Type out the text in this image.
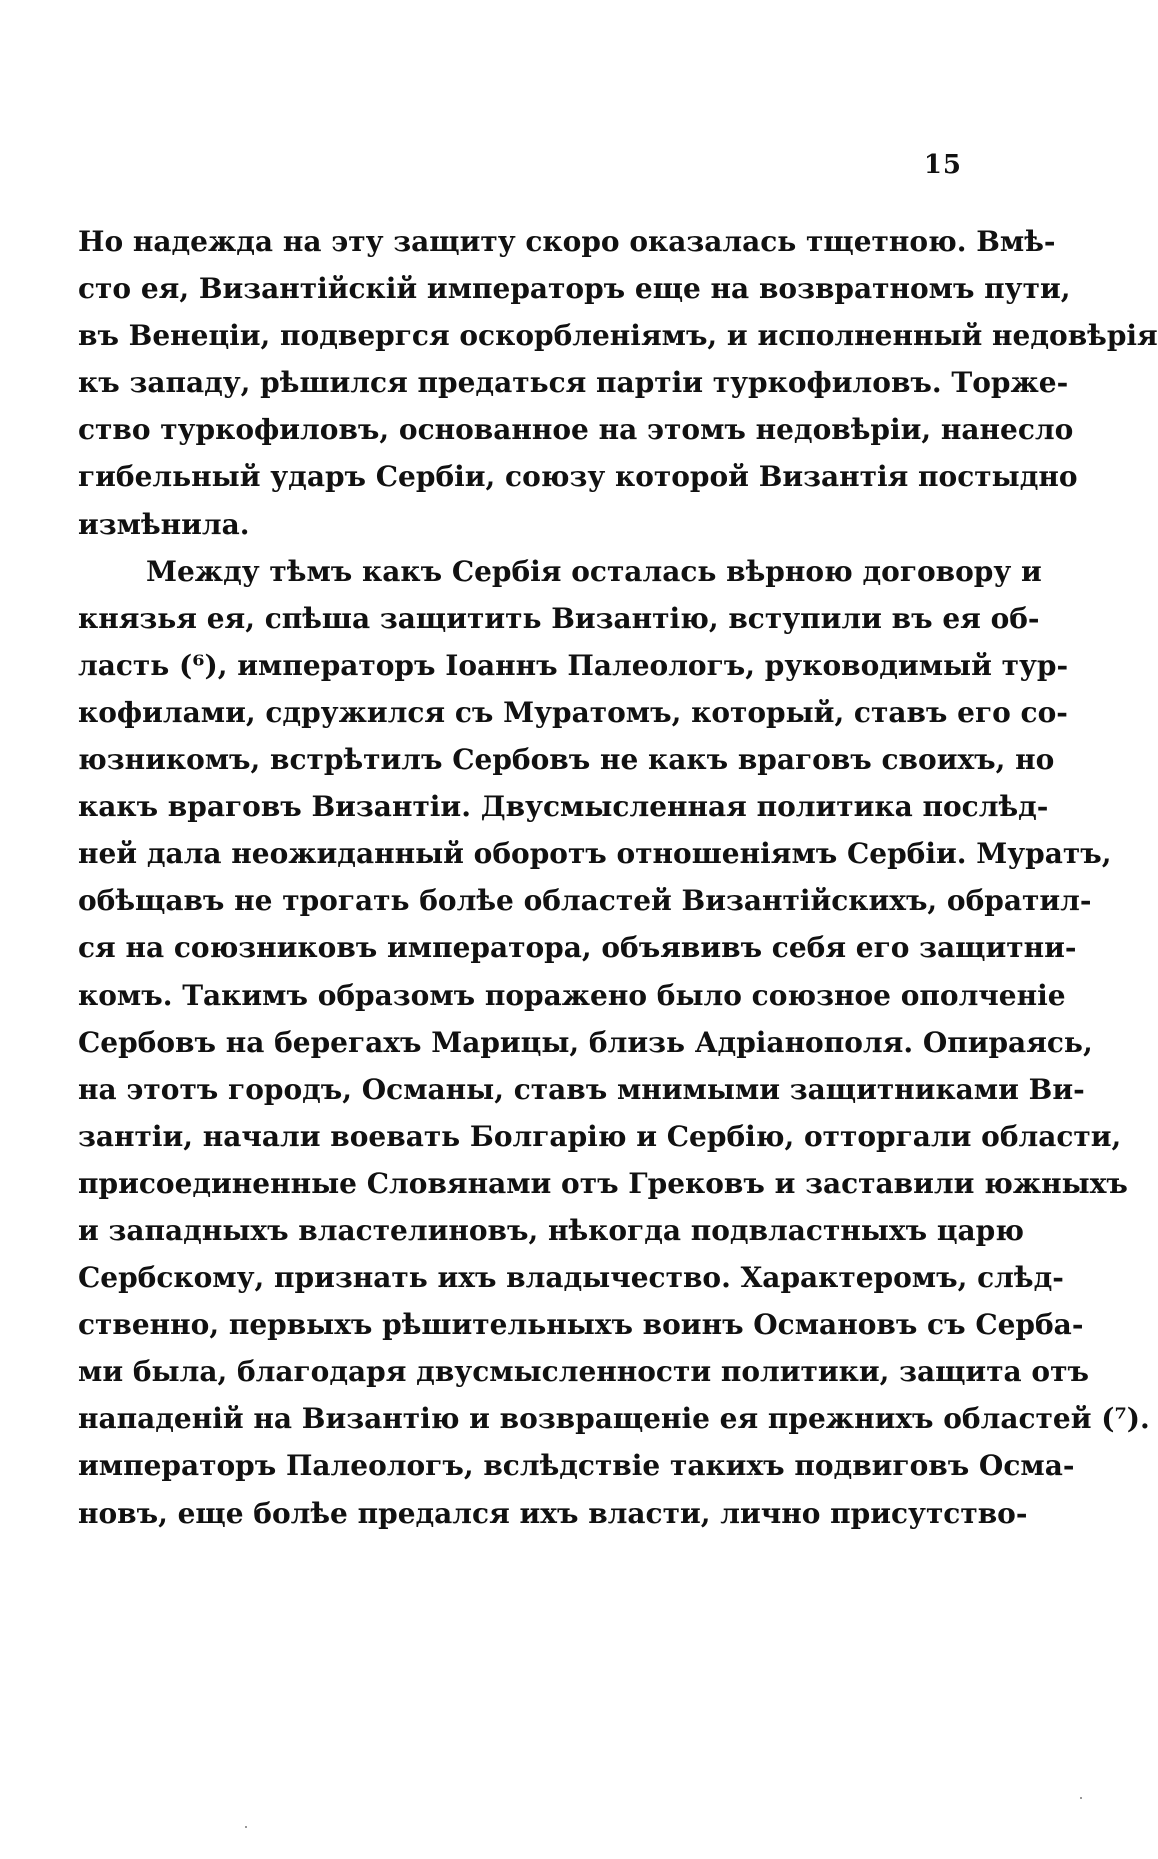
15
Но надежда на эту защиту скоро оказалась тщетною. Вмѣ-
сто ея, Византійскій императоръ еще на возвратномъ пути,
въ Венеціи, подвергся оскорбленіямъ, и исполненный недовѣрія
къ западу, рѣшился предаться партіи туркофиловъ. Торже-
ство туркофиловъ, основанное на этомъ недовѣріи, нанесло
гибельный ударъ Сербіи, союзу которой Византія постыдно
измѣнила.
Между тѣмъ какъ Сербія осталась вѣрною договору и
князья ея, спѣша защитить Византію, вступили въ ея об-
ласть (⁶), императоръ Іоаннъ Палеологъ, руководимый тур-
кофилами, сдружился съ Муратомъ, который, ставъ его со-
юзникомъ, встрѣтилъ Сербовъ не какъ враговъ своихъ, но
какъ враговъ Византіи. Двусмысленная политика послѣд-
ней дала неожиданный оборотъ отношеніямъ Сербіи. Муратъ,
обѣщавъ не трогать болѣе областей Византійскихъ, обратил-
ся на союзниковъ императора, объявивъ себя его защитни-
комъ. Такимъ образомъ поражено было союзное ополченіе
Сербовъ на берегахъ Марицы, близь Адріанополя. Опираясь,
на этотъ городъ, Османы, ставъ мнимыми защитниками Ви-
зантіи, начали воевать Болгарію и Сербію, отторгали области,
присоединенные Словянами отъ Грековъ и заставили южныхъ
и западныхъ властелиновъ, нѣкогда подвластныхъ царю
Сербскому, признать ихъ владычество. Характеромъ, слѣд-
ственно, первыхъ рѣшительныхъ воинъ Османовъ съ Серба-
ми была, благодаря двусмысленности политики, защита отъ
нападеній на Византію и возвращеніе ея прежнихъ областей (⁷).
императоръ Палеологъ, вслѣдствіе такихъ подвиговъ Осма-
новъ, еще болѣе предался ихъ власти, лично присутство-
